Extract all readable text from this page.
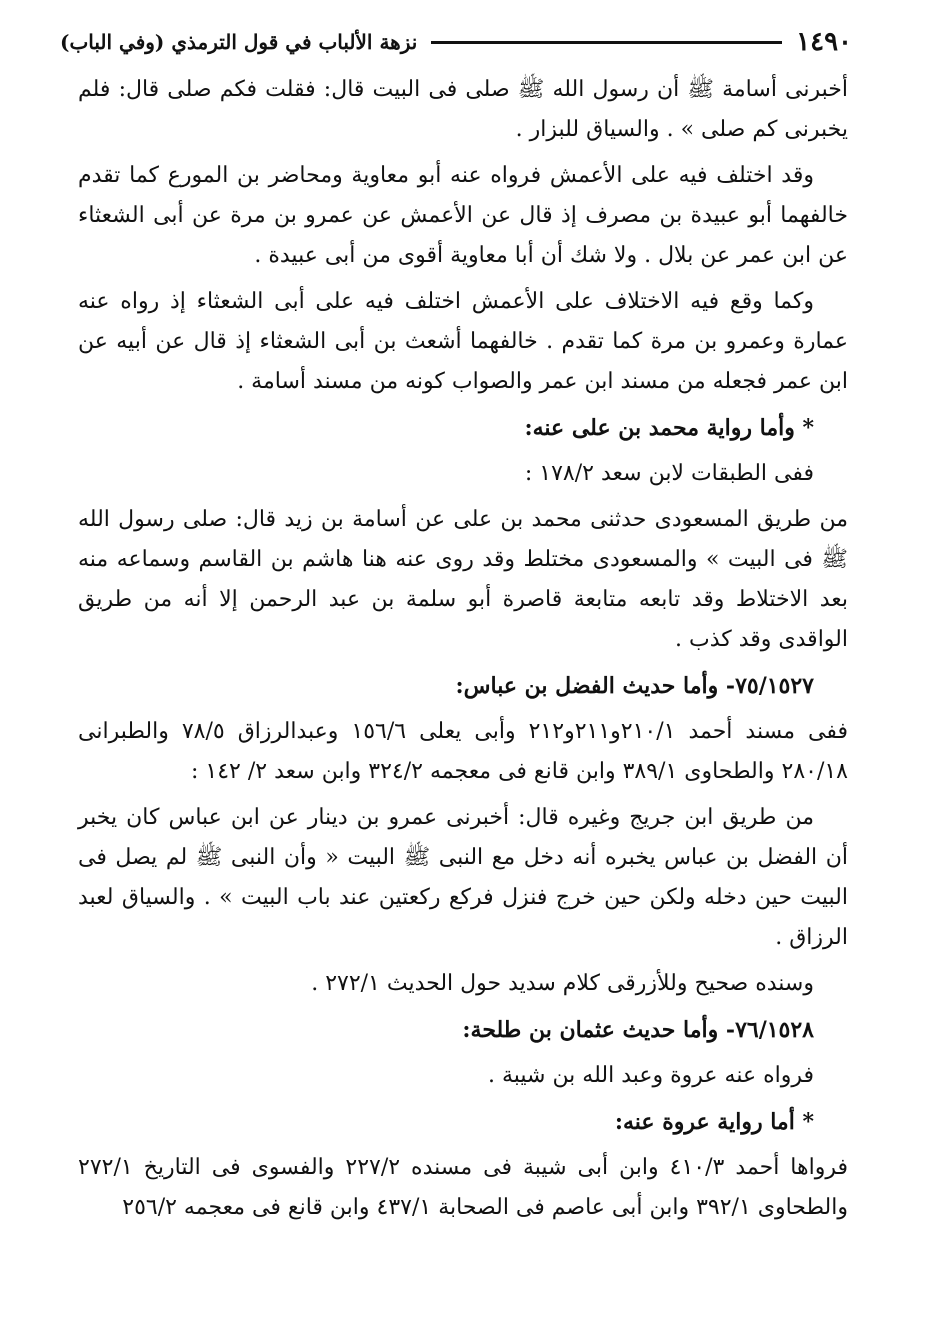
١٤٩٠
نزهة الألباب في قول الترمذي (وفي الباب)

أخبرنى أسامة ﷺ أن رسول الله ﷺ صلى فى البيت قال: فقلت فكم صلى قال: فلم يخبرنى كم صلى » . والسياق للبزار .

وقد اختلف فيه على الأعمش فرواه عنه أبو معاوية ومحاضر بن المورع كما تقدم خالفهما أبو عبيدة بن مصرف إذ قال عن الأعمش عن عمرو بن مرة عن أبى الشعثاء عن ابن عمر عن بلال . ولا شك أن أبا معاوية أقوى من أبى عبيدة .

وكما وقع فيه الاختلاف على الأعمش اختلف فيه على أبى الشعثاء إذ رواه عنه عمارة وعمرو بن مرة كما تقدم . خالفهما أشعث بن أبى الشعثاء إذ قال عن أبيه عن ابن عمر فجعله من مسند ابن عمر والصواب كونه من مسند أسامة .

* وأما رواية محمد بن على عنه:

ففى الطبقات لابن سعد ١٧٨/٢ :

من طريق المسعودى حدثنى محمد بن على عن أسامة بن زيد قال: صلى رسول الله ﷺ فى البيت » والمسعودى مختلط وقد روى عنه هنا هاشم بن القاسم وسماعه منه بعد الاختلاط وقد تابعه متابعة قاصرة أبو سلمة بن عبد الرحمن إلا أنه من طريق الواقدى وقد كذب .

٧٥/١٥٢٧- وأما حديث الفضل بن عباس:

ففى مسند أحمد ٢١٠/١و٢١١و٢١٢ وأبى يعلى ١٥٦/٦ وعبدالرزاق ٧٨/٥ والطبرانى ٢٨٠/١٨ والطحاوى ٣٨٩/١ وابن قانع فى معجمه ٣٢٤/٢ وابن سعد ٢/ ١٤٢ :

من طريق ابن جريج وغيره قال: أخبرنى عمرو بن دينار عن ابن عباس كان يخبر أن الفضل بن عباس يخبره أنه دخل مع النبى ﷺ البيت « وأن النبى ﷺ لم يصل فى البيت حين دخله ولكن حين خرج فنزل فركع ركعتين عند باب البيت » . والسياق لعبد الرزاق .

وسنده صحيح وللأزرقى كلام سديد حول الحديث ٢٧٢/١ .

٧٦/١٥٢٨- وأما حديث عثمان بن طلحة:

فرواه عنه عروة وعبد الله بن شيبة .

* أما رواية عروة عنه:

فرواها أحمد ٤١٠/٣ وابن أبى شيبة فى مسنده ٢٢٧/٢ والفسوى فى التاريخ ٢٧٢/١ والطحاوى ٣٩٢/١ وابن أبى عاصم فى الصحابة ٤٣٧/١ وابن قانع فى معجمه ٢٥٦/٢
